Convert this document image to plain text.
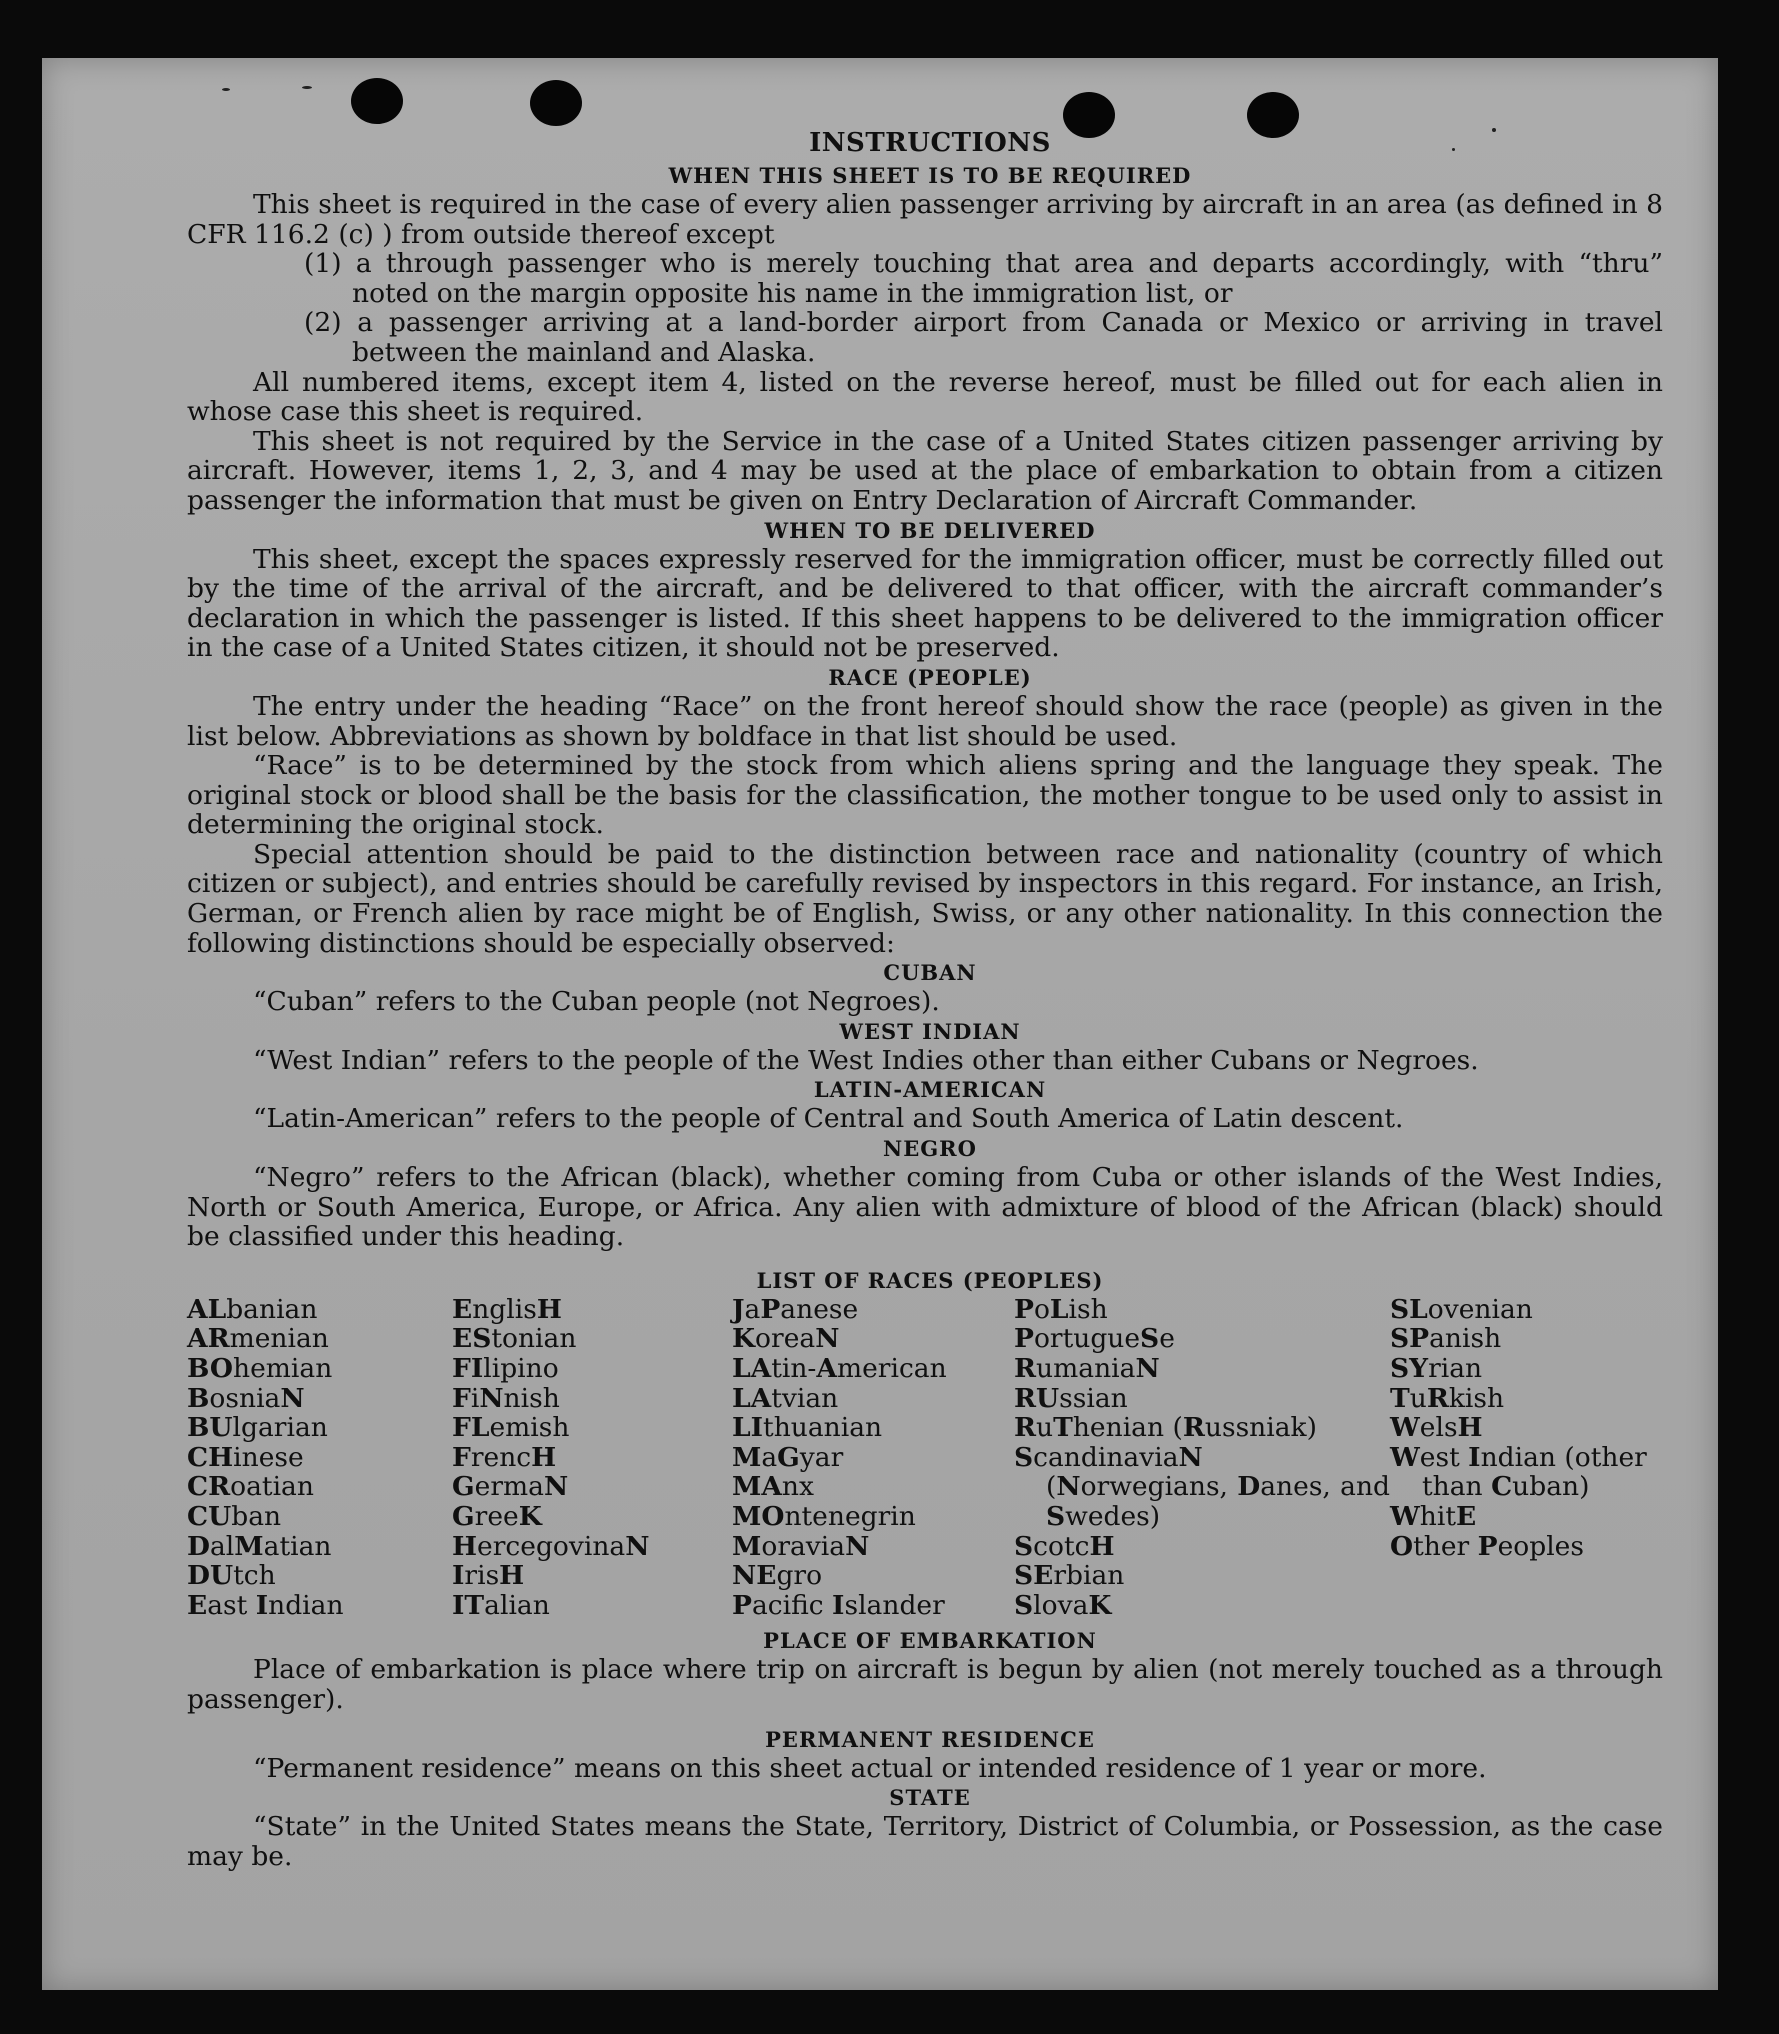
INSTRUCTIONS
WHEN THIS SHEET IS TO BE REQUIRED

This sheet is required in the case of every alien passenger arriving by aircraft in an area (as defined in 8 CFR 116.2 (c) ) from outside thereof except

(1) a through passenger who is merely touching that area and departs accordingly, with “thru” noted on the margin opposite his name in the immigration list, or

(2) a passenger arriving at a land-border airport from Canada or Mexico or arriving in travel between the mainland and Alaska.

All numbered items, except item 4, listed on the reverse hereof, must be filled out for each alien in whose case this sheet is required.

This sheet is not required by the Service in the case of a United States citizen passenger arriving by aircraft. However, items 1, 2, 3, and 4 may be used at the place of embarkation to obtain from a citizen passenger the information that must be given on Entry Declaration of Aircraft Commander.

WHEN TO BE DELIVERED

This sheet, except the spaces expressly reserved for the immigration officer, must be correctly filled out by the time of the arrival of the aircraft, and be delivered to that officer, with the aircraft commander’s declaration in which the passenger is listed. If this sheet happens to be delivered to the immigration officer in the case of a United States citizen, it should not be preserved.

RACE (PEOPLE)

The entry under the heading “Race” on the front hereof should show the race (people) as given in the list below. Abbreviations as shown by boldface in that list should be used.

“Race” is to be determined by the stock from which aliens spring and the language they speak. The original stock or blood shall be the basis for the classification, the mother tongue to be used only to assist in determining the original stock.

Special attention should be paid to the distinction between race and nationality (country of which citizen or subject), and entries should be carefully revised by inspectors in this regard. For instance, an Irish, German, or French alien by race might be of English, Swiss, or any other nationality. In this connection the following distinctions should be especially observed:

CUBAN

“Cuban” refers to the Cuban people (not Negroes).

WEST INDIAN

“West Indian” refers to the people of the West Indies other than either Cubans or Negroes.

LATIN-AMERICAN

“Latin-American” refers to the people of Central and South America of Latin descent.

NEGRO

“Negro” refers to the African (black), whether coming from Cuba or other islands of the West Indies, North or South America, Europe, or Africa. Any alien with admixture of blood of the African (black) should be classified under this heading.

LIST OF RACES (PEOPLES)
ALbanian
ARmenian
BOhemian
BosniaN
BUlgarian
CHinese
CRoatian
CUban
DalMatian
DUtch
East Indian
EnglisH
EStonian
FIlipino
FiNnish
FLemish
FrencH
GermaN
GreeK
HercegovinaN
IrisH
ITalian
JaPanese
KoreaN
LAtin-American
LAtvian
LIthuanian
MaGyar
MAnx
MOntenegrin
MoraviaN
NEgro
Pacifc Islander
PoLish
PortugueSe
RumaniaN
RUssian
RuThenian (Russniak)
ScandinaviaN (Norwegians, Danes, and Swedes)
ScotcH
SErbian
SlovaK
SLovenian
SPanish
SYrian
TuRkish
WelsH
West Indian (other than Cuban)
WhitE
Other Peoples
PLACE OF EMBARKATION

Place of embarkation is place where trip on aircraft is begun by alien (not merely touched as a through passenger).

PERMANENT RESIDENCE

“Permanent residence” means on this sheet actual or intended residence of 1 year or more.

STATE

“State” in the United States means the State, Territory, District of Columbia, or Possession, as the case may be.
